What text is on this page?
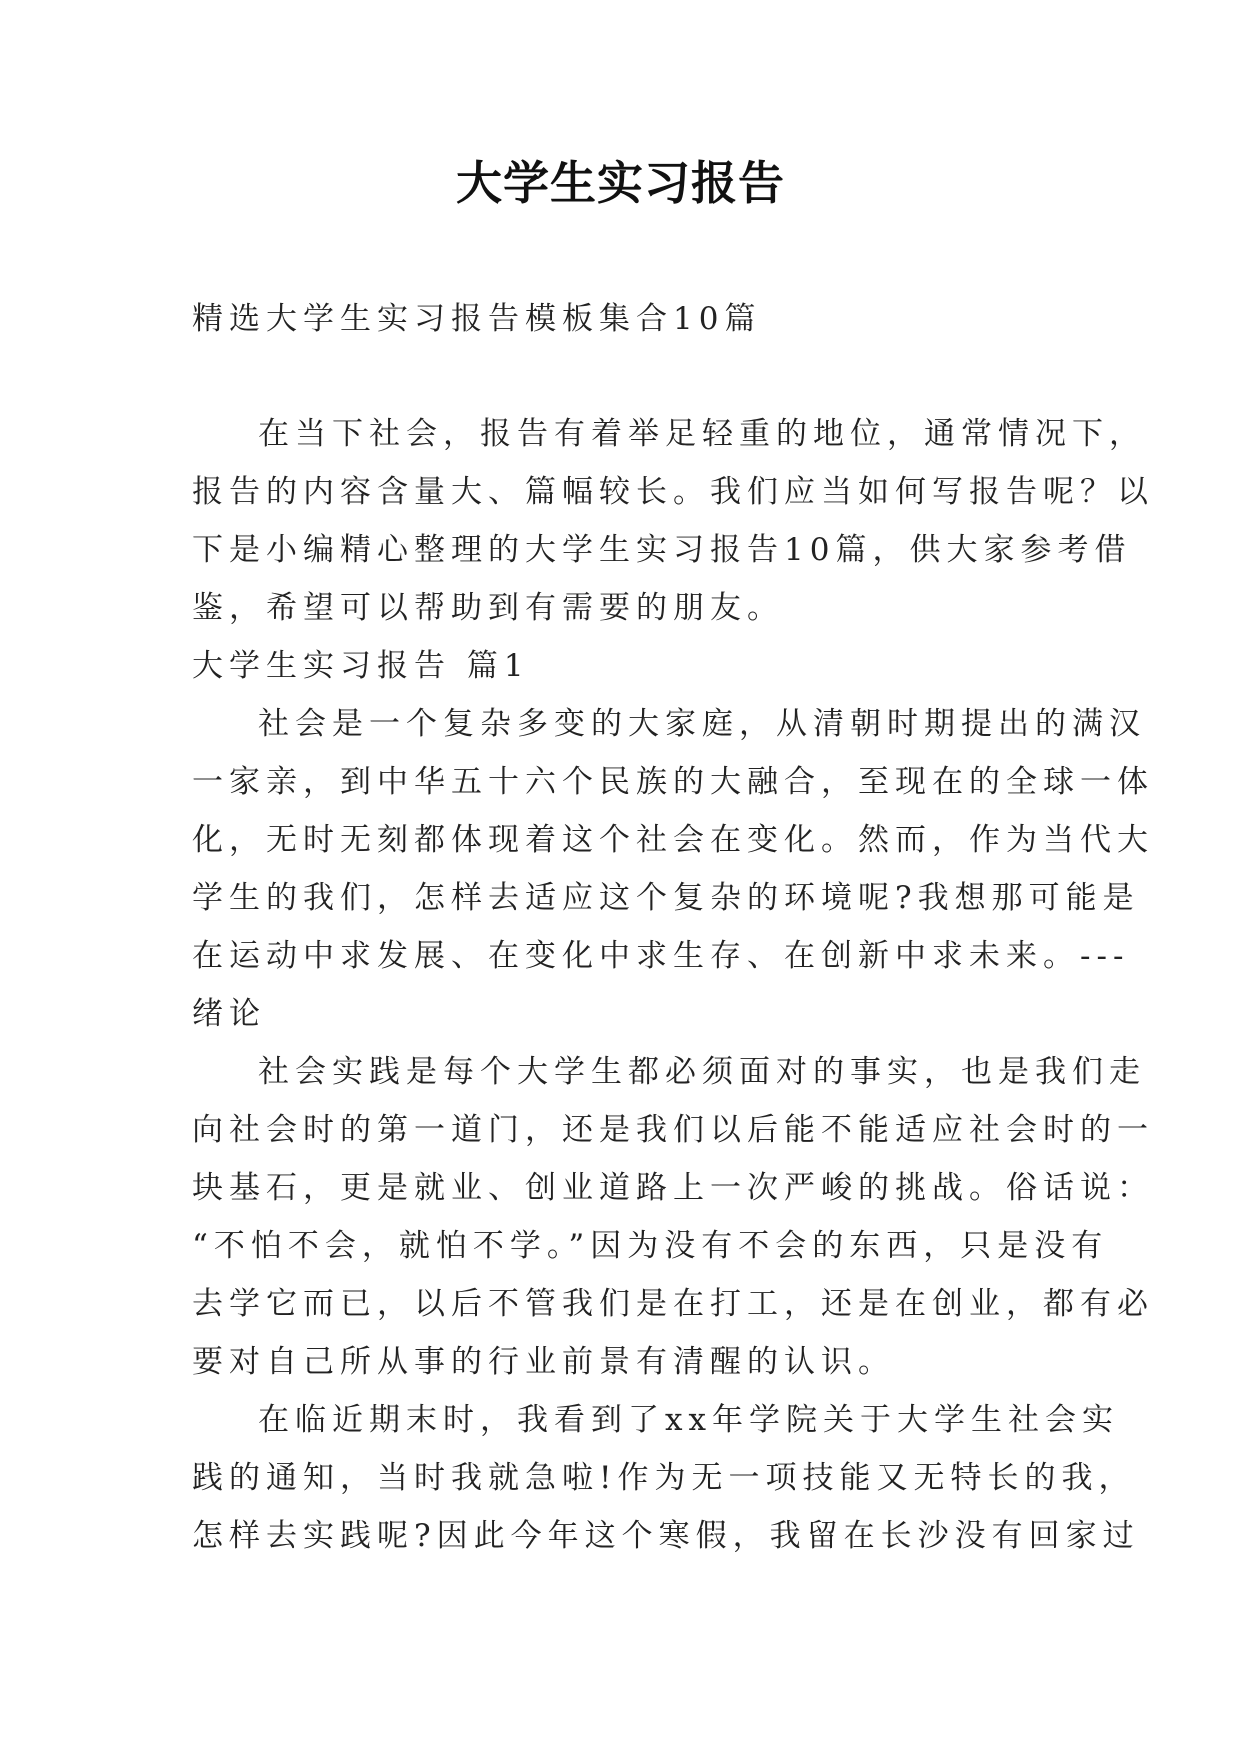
大学生实习报告
精选大学生实习报告模板集合10篇
在当下社会，报告有着举足轻重的地位，通常情况下，
报告的内容含量大、篇幅较长。我们应当如何写报告呢？以
下是小编精心整理的大学生实习报告10篇，供大家参考借
鉴，希望可以帮助到有需要的朋友。
大学生实习报告 篇1
社会是一个复杂多变的大家庭，从清朝时期提出的满汉
一家亲，到中华五十六个民族的大融合，至现在的全球一体
化，无时无刻都体现着这个社会在变化。然而，作为当代大
学生的我们，怎样去适应这个复杂的环境呢?我想那可能是
在运动中求发展、在变化中求生存、在创新中求未来。---
绪论
社会实践是每个大学生都必须面对的事实，也是我们走
向社会时的第一道门，还是我们以后能不能适应社会时的一
块基石，更是就业、创业道路上一次严峻的挑战。俗话说：
“不怕不会，就怕不学。”因为没有不会的东西，只是没有
去学它而已，以后不管我们是在打工，还是在创业，都有必
要对自己所从事的行业前景有清醒的认识。
在临近期末时，我看到了xx年学院关于大学生社会实
践的通知，当时我就急啦!作为无一项技能又无特长的我，
怎样去实践呢?因此今年这个寒假，我留在长沙没有回家过
